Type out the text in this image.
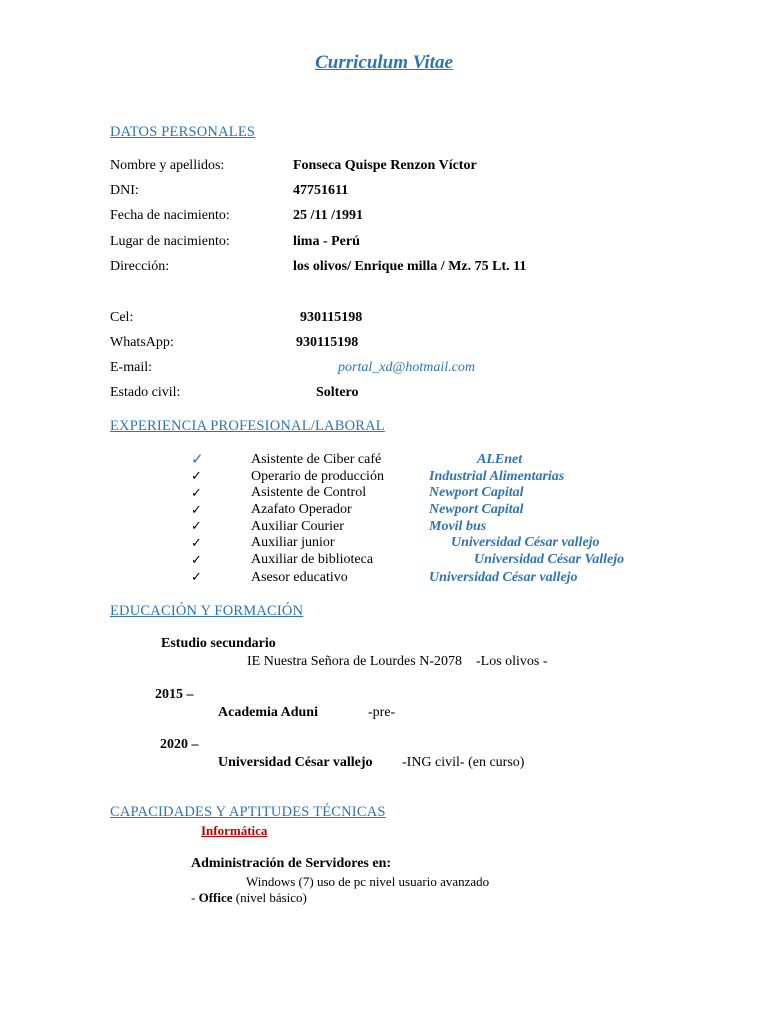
Curriculum Vitae
DATOS PERSONALES
Nombre y apellidos:	Fonseca Quispe Renzon Víctor
DNI:	47751611
Fecha de nacimiento:	25 /11 /1991
Lugar de nacimiento:	lima - Perú
Dirección:	los olivos/ Enrique milla / Mz. 75 Lt. 11
Cel:	930115198
WhatsApp:	930115198
E-mail:	portal_xd@hotmail.com
Estado civil:	Soltero
EXPERIENCIA PROFESIONAL/LABORAL
✓	Asistente de Ciber café	ALEnet
✓	Operario de producción	Industrial Alimentarias
✓	Asistente de Control	Newport Capital
✓	Azafato Operador	Newport Capital
✓	Auxiliar Courier	Movil bus
✓	Auxiliar junior	Universidad César vallejo
✓	Auxiliar de biblioteca	Universidad César Vallejo
✓	Asesor educativo	Universidad César vallejo
EDUCACIÓN Y FORMACIÓN
Estudio secundario
IE Nuestra Señora de Lourdes N-2078    -Los olivos -
2015 –
Academia Aduni	-pre-
2020 –
Universidad César vallejo -ING civil- (en curso)
CAPACIDADES Y APTITUDES TÉCNICAS
Informática
Administración de Servidores en:
Windows (7) uso de pc nivel usuario avanzado
- Office (nivel básico)
